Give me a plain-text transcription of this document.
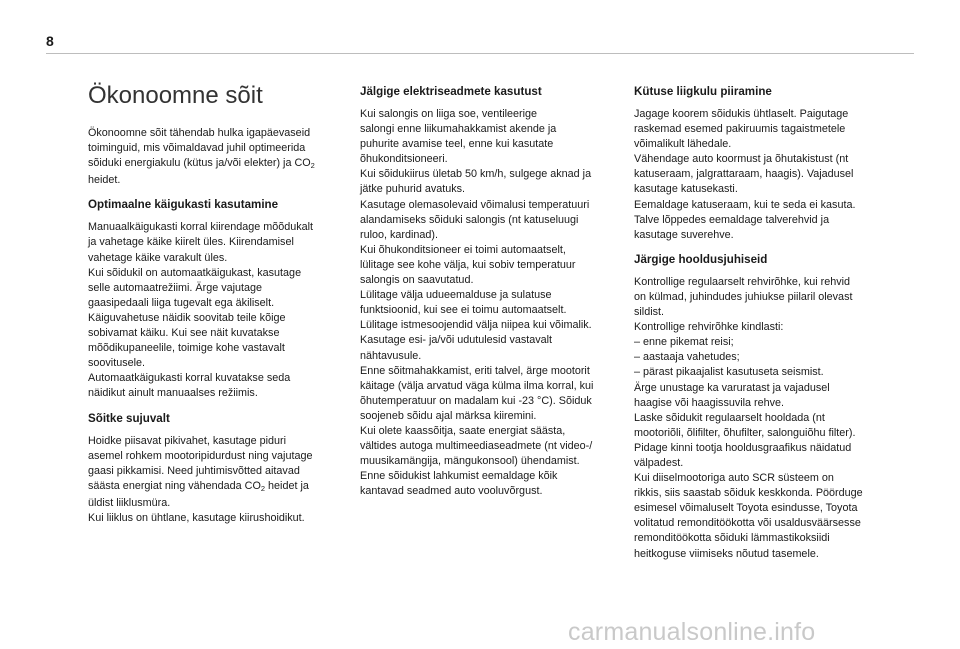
8
Ökonoomne sõit
Ökonoomne sõit tähendab hulka igapäevaseid
toiminguid, mis võimaldavad juhil optimeerida
sõiduki energiakulu (kütus ja/või elekter) ja $CO_2$
heidet.
Optimaalne käigukasti kasutamine
Manuaalkäigukasti korral kiirendage mõõdukalt
ja vahetage käike kiirelt üles. Kiirendamisel
vahetage käike varakult üles.
Kui sõidukil on automaatkäigukast, kasutage
selle automaatrežiimi. Ärge vajutage
gaasipedaali liiga tugevalt ega äkiliselt.
Käiguvahetuse näidik soovitab teile kõige
sobivamat käiku. Kui see näit kuvatakse
mõõdikupaneelile, toimige kohe vastavalt
soovitusele.
Automaatkäigukasti korral kuvatakse seda
näidikut ainult manuaalses režiimis.
Sõitke sujuvalt
Hoidke piisavat pikivahet, kasutage piduri
asemel rohkem mootoripidurdust ning vajutage
gaasi pikkamisi. Need juhtimisvõtted aitavad
säästa energiat ning vähendada $CO_2$ heidet ja
üldist liiklusmüra.
Kui liiklus on ühtlane, kasutage kiirushoidikut.
Jälgige elektriseadmete kasutust
Kui salongis on liiga soe, ventileerige
salongi enne liikumahakkamist akende ja
puhurite avamise teel, enne kui kasutate
õhukonditsioneeri.
Kui sõidukiirus ületab 50 km/h, sulgege aknad ja
jätke puhurid avatuks.
Kasutage olemasolevaid võimalusi temperatuuri
alandamiseks sõiduki salongis (nt katuseluugi
ruloo, kardinad).
Kui õhukonditsioneer ei toimi automaatselt,
lülitage see kohe välja, kui sobiv temperatuur
salongis on saavutatud.
Lülitage välja udueemalduse ja sulatuse
funktsioonid, kui see ei toimu automaatselt.
Lülitage istmesoojendid välja niipea kui võimalik.
Kasutage esi- ja/või udutulesid vastavalt
nähtavusule.
Enne sõitmahakkamist, eriti talvel, ärge mootorit
käitage (välja arvatud väga külma ilma korral, kui
õhutemperatuur on madalam kui -23 °C). Sõiduk
soojeneb sõidu ajal märksa kiiremini.
Kui olete kaassõitja, saate energiat säästa,
vältides autoga multimeediaseadmete (nt video-/
muusikamängija, mängukonsool) ühendamist.
Enne sõidukist lahkumist eemaldage kõik
kantavad seadmed auto vooluvõrgust.
Kütuse liigkulu piiramine
Jagage koorem sõidukis ühtlaselt. Paigutage
raskemad esemed pakiruumis tagaistmetele
võimalikult lähedale.
Vähendage auto koormust ja õhutakistust (nt
katuseraam, jalgrattaraam, haagis). Vajadusel
kasutage katusekasti.
Eemaldage katuseraam, kui te seda ei kasuta.
Talve lõppedes eemaldage talverehvid ja
kasutage suverehve.
Järgige hooldusjuhiseid
Kontrollige regulaarselt rehvirõhke, kui rehvid
on külmad, juhindudes juhiukse piilaril olevast
sildist.
Kontrollige rehvirõhke kindlasti:
– enne pikemat reisi;
– aastaaja vahetudes;
– pärast pikaajalist kasutuseta seismist.
Ärge unustage ka varuratast ja vajadusel
haagise või haagissuvila rehve.
Laske sõidukit regulaarselt hooldada (nt
mootoriõli, õlifilter, õhufilter, salonguiõhu filter).
Pidage kinni tootja hooldusgraafikus näidatud
välpadest.
Kui diiselmootoriga auto SCR süsteem on
rikkis, siis saastab sõiduk keskkonda. Pöörduge
esimesel võimaluselt Toyota esindusse, Toyota
volitatud remonditöökotta või usaldusväärsesse
remonditöökotta sõiduki lämmastikoksiidi
heitkoguse viimiseks nõutud tasemele.
carmanualsonline.info
